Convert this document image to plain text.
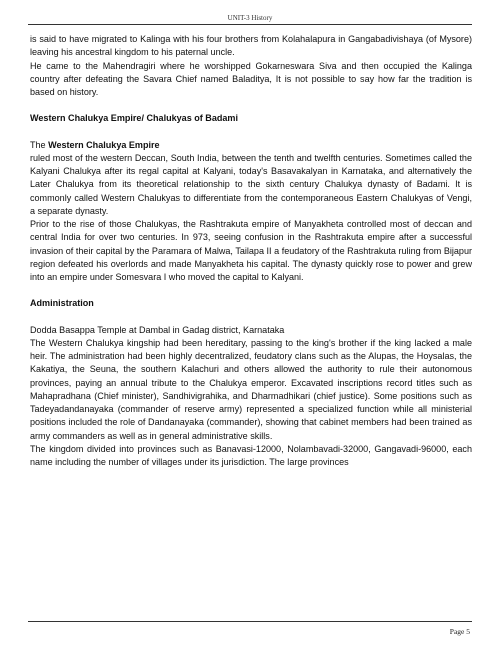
UNIT-3 History

is said to have migrated to Kalinga with his four brothers from Kolahalapura in Gangabadivishaya (of Mysore) leaving his ancestral kingdom to his paternal uncle.

He came to the Mahendragiri where he worshipped Gokarneswara Siva and then occupied the Kalinga country after defeating the Savara Chief named Baladitya, It is not possible to say how far the tradition is based on history.

Western Chalukya Empire/ Chalukyas of Badami

The Western Chalukya Empire

ruled most of the western Deccan, South India, between the tenth and twelfth centuries. Sometimes called the Kalyani Chalukya after its regal capital at Kalyani, today's Basavakalyan in Karnataka, and alternatively the Later Chalukya from its theoretical relationship to the sixth century Chalukya dynasty of Badami. It is commonly called Western Chalukyas to differentiate from the contemporaneous Eastern Chalukyas of Vengi, a separate dynasty.

Prior to the rise of those Chalukyas, the Rashtrakuta empire of Manyakheta controlled most of deccan and central India for over two centuries. In 973, seeing confusion in the Rashtrakuta empire after a successful invasion of their capital by the Paramara of Malwa, Tailapa II a feudatory of the Rashtrakuta ruling from Bijapur region defeated his overlords and made Manyakheta his capital. The dynasty quickly rose to power and grew into an empire under Somesvara I who moved the capital to Kalyani.

Administration

Dodda Basappa Temple at Dambal in Gadag district, Karnataka

The Western Chalukya kingship had been hereditary, passing to the king's brother if the king lacked a male heir. The administration had been highly decentralized, feudatory clans such as the Alupas, the Hoysalas, the Kakatiya, the Seuna, the southern Kalachuri and others allowed the authority to rule their autonomous provinces, paying an annual tribute to the Chalukya emperor. Excavated inscriptions record titles such as Mahapradhana (Chief minister), Sandhivigrahika, and Dharmadhikari (chief justice). Some positions such as Tadeyadandanayaka (commander of reserve army) represented a specialized function while all ministerial positions included the role of Dandanayaka (commander), showing that cabinet members had been trained as army commanders as well as in general administrative skills.

The kingdom divided into provinces such as Banavasi-12000, Nolambavadi-32000, Gangavadi-96000, each name including the number of villages under its jurisdiction. The large provinces

Page 5
